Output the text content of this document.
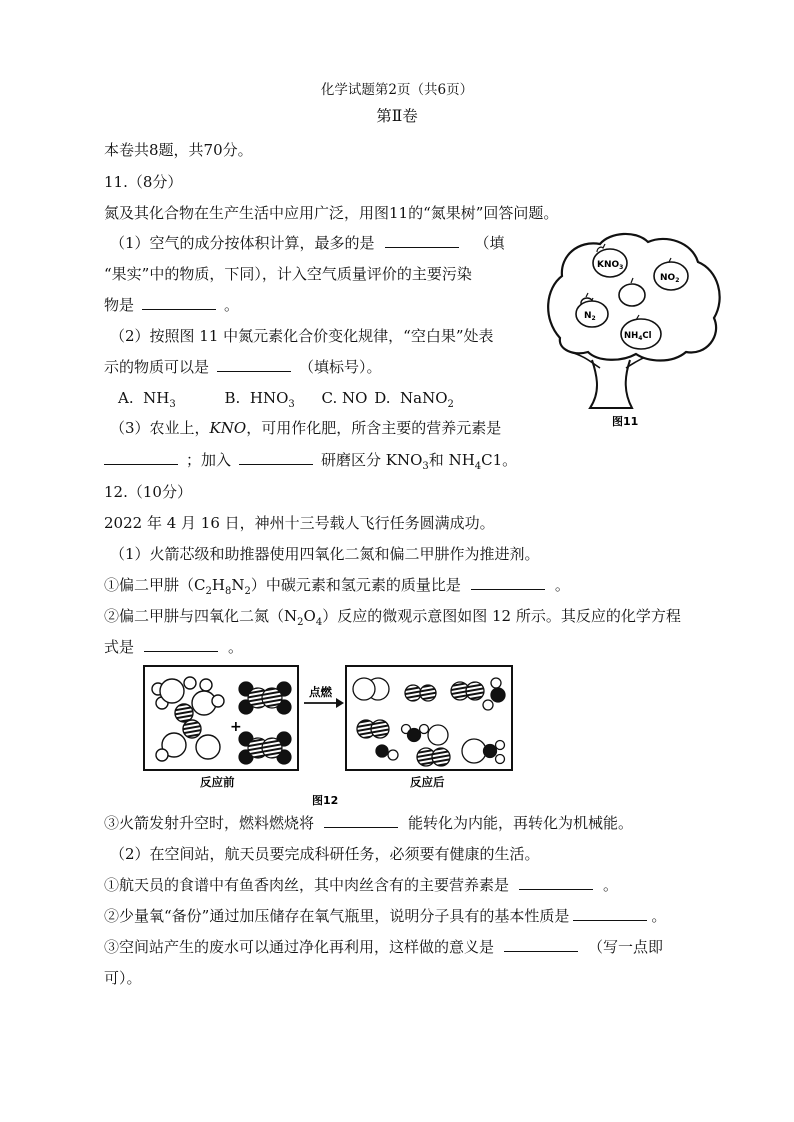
化学试题第2页（共6页）
第Ⅱ卷
本卷共8题，共70分。
11.（8分）
氮及其化合物在生产生活中应用广泛，用图11的“氮果树”回答问题。
（1）空气的成分按体积计算，最多的是	（填
“果实”中的物质，下同），计入空气质量评价的主要污染
物是	。
（2）按照图 11 中氮元素化合价变化规律，“空白果”处表
示的物质可以是	（填标号）。
A. $NH_3$	B. $HNO_3$ C. NO D. NaNO$_2$
（3）农业上，KNO，可用作化肥，所含主要的营养元素是
；加入	研磨区分 $KNO_3$和 $NH_4C1$。
$KNO_3$
$NO_2$
$N_2$
$NH_4Cl$
图11
12.（10分）
2022 年 4 月 16 日，神州十三号载人飞行任务圆满成功。
（1）火箭芯级和助推器使用四氧化二氮和偏二甲肼作为推进剂。
①偏二甲肼$(C_2H_8N_2)$中碳元素和氢元素的质量比是	。
②偏二甲肼与四氧化二氮$(N_2O_4)$反应的微观示意图如图 12 所示。其反应的化学方程
式是	。
+
点燃
反应前	反应后
图12
③火箭发射升空时，燃料燃烧将	能转化为内能，再转化为机械能。
（2）在空间站，航天员要完成科研任务，必须要有健康的生活。
①航天员的食谱中有鱼香肉丝，其中肉丝含有的主要营养素是	。
②少量氧“备份”通过加压储存在氧气瓶里，说明分子具有的基本性质是	。
③空间站产生的废水可以通过净化再利用，这样做的意义是	（写一点即
可）。
